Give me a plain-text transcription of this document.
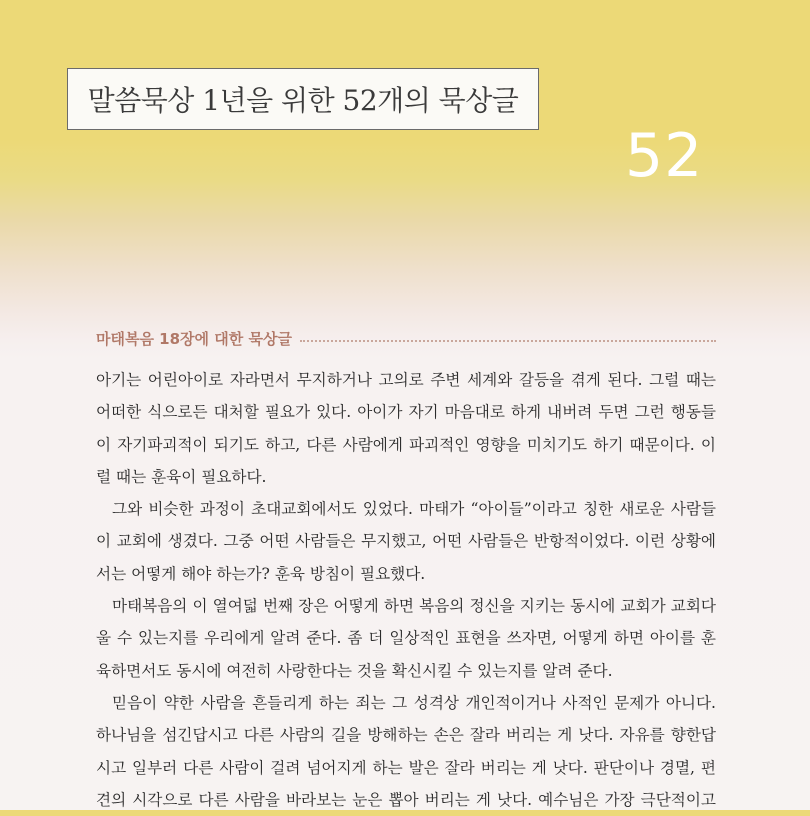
말씀묵상 1년을 위한 52개의 묵상글
52
마태복음 18장에 대한 묵상글
아기는 어린아이로 자라면서 무지하거나 고의로 주변 세계와 갈등을 겪게 된다. 그럴 때는
어떠한 식으로든 대처할 필요가 있다. 아이가 자기 마음대로 하게 내버려 두면 그런 행동들
이 자기파괴적이 되기도 하고, 다른 사람에게 파괴적인 영향을 미치기도 하기 때문이다. 이
럴 때는 훈육이 필요하다.
그와 비슷한 과정이 초대교회에서도 있었다. 마태가 “아이들”이라고 칭한 새로운 사람들
이 교회에 생겼다. 그중 어떤 사람들은 무지했고, 어떤 사람들은 반항적이었다. 이런 상황에
서는 어떻게 해야 하는가? 훈육 방침이 필요했다.
마태복음의 이 열여덟 번째 장은 어떻게 하면 복음의 정신을 지키는 동시에 교회가 교회다
울 수 있는지를 우리에게 알려 준다. 좀 더 일상적인 표현을 쓰자면, 어떻게 하면 아이를 훈
육하면서도 동시에 여전히 사랑한다는 것을 확신시킬 수 있는지를 알려 준다.
믿음이 약한 사람을 흔들리게 하는 죄는 그 성격상 개인적이거나 사적인 문제가 아니다.
하나님을 섬긴답시고 다른 사람의 길을 방해하는 손은 잘라 버리는 게 낫다. 자유를 향한답
시고 일부러 다른 사람이 걸려 넘어지게 하는 발은 잘라 버리는 게 낫다. 판단이나 경멸, 편
견의 시각으로 다른 사람을 바라보는 눈은 뽑아 버리는 게 낫다. 예수님은 가장 극단적이고
